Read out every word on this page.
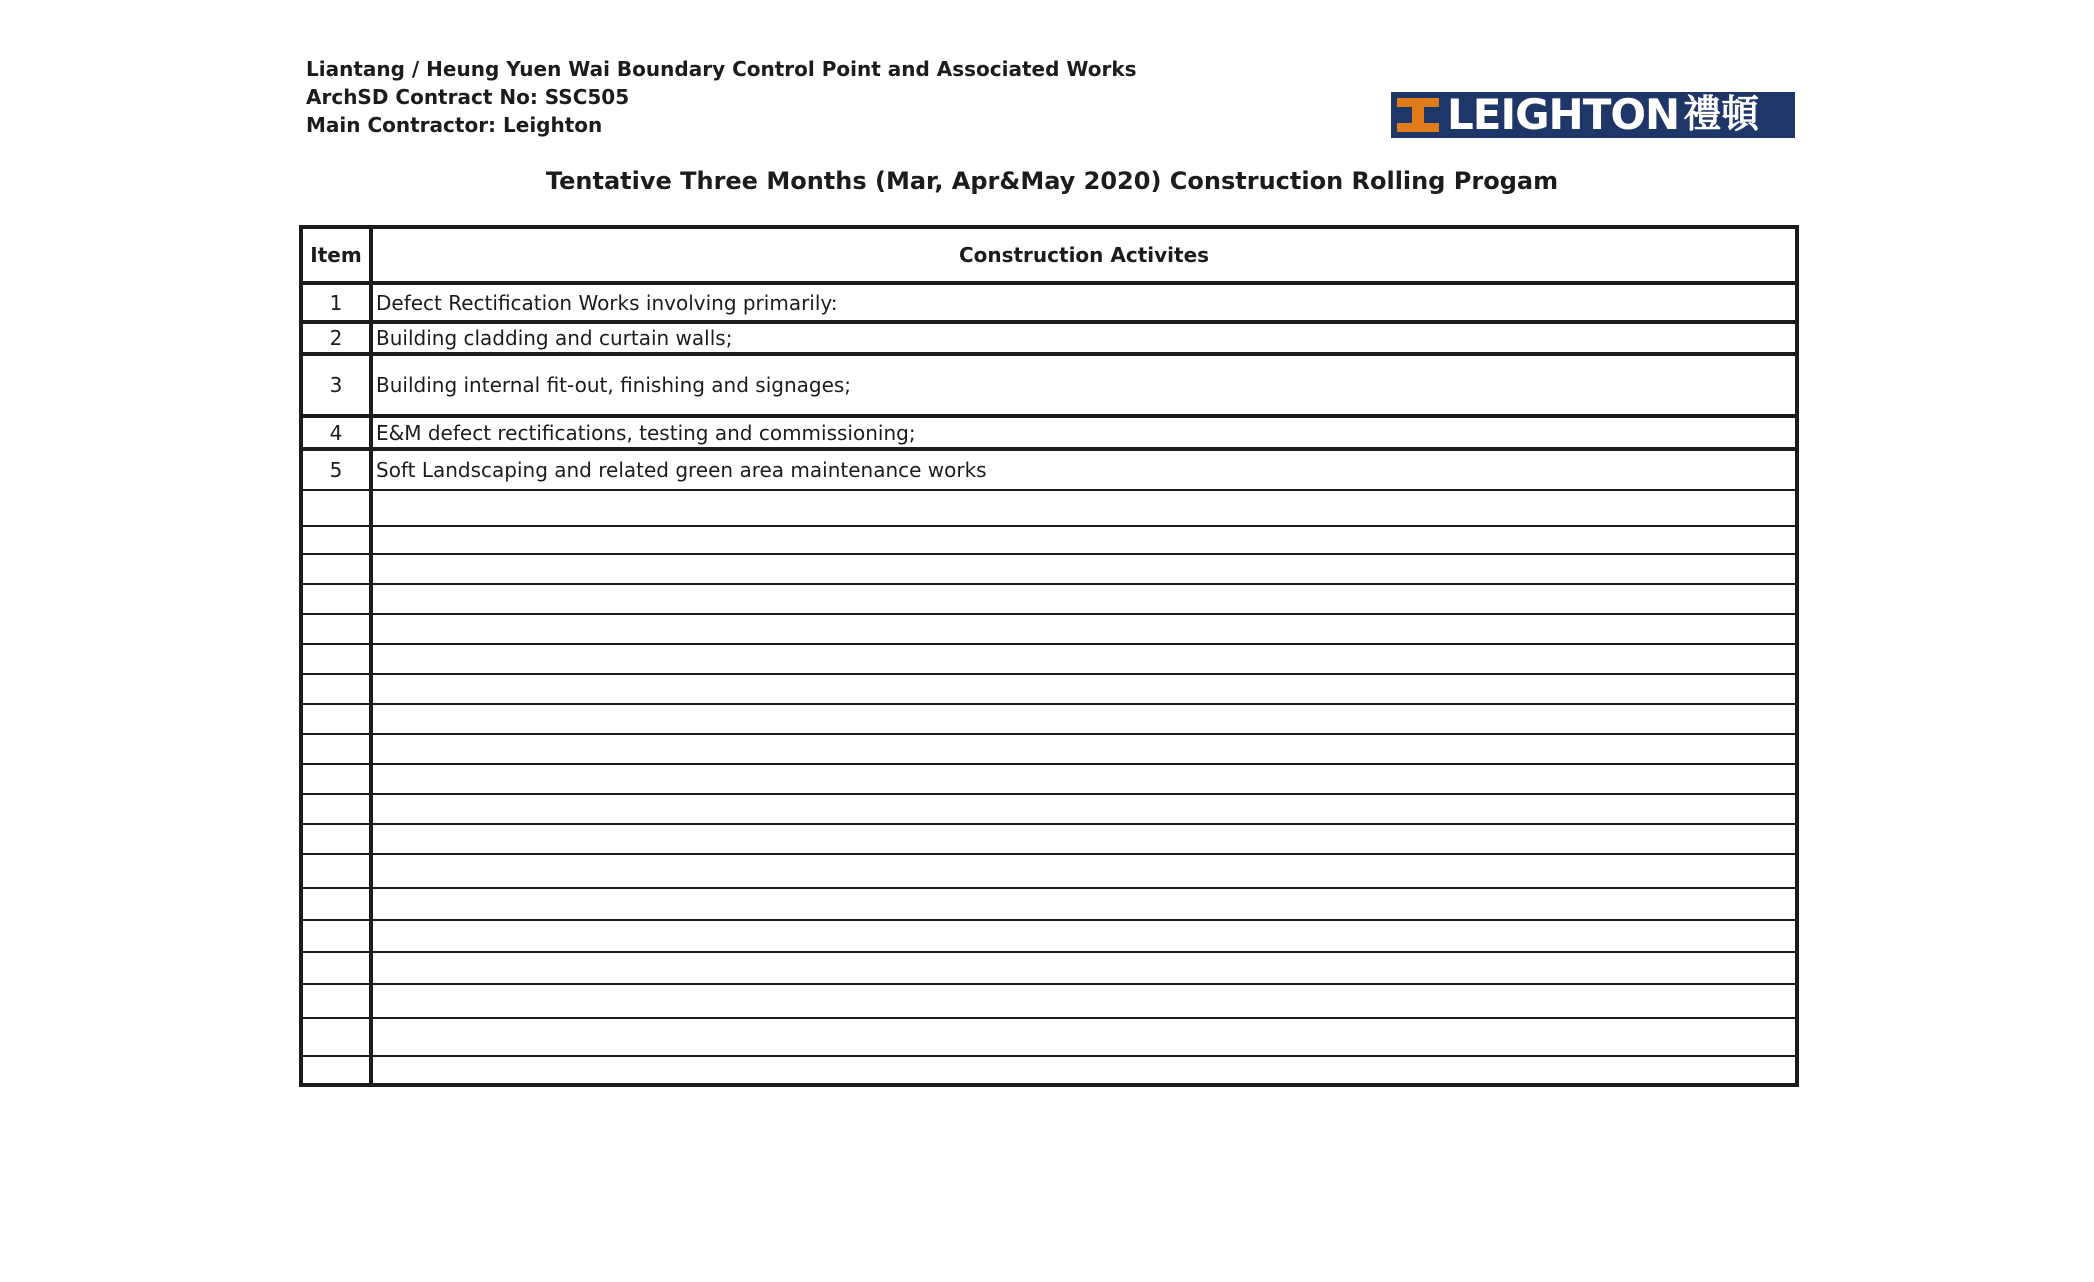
Liantang / Heung Yuen Wai Boundary Control Point and Associated Works
ArchSD Contract No: SSC505
Main Contractor: Leighton	LEIGHTON 禮頓
Tentative Three Months (Mar, Apr&May 2020) Construction Rolling Progam
Item	Construction Activites
1	Defect Rectification Works involving primarily:
2	Building cladding and curtain walls;
3	Building internal fit-out, finishing and signages;
4	E&M defect rectifications, testing and commissioning;
5	Soft Landscaping and related green area maintenance works
